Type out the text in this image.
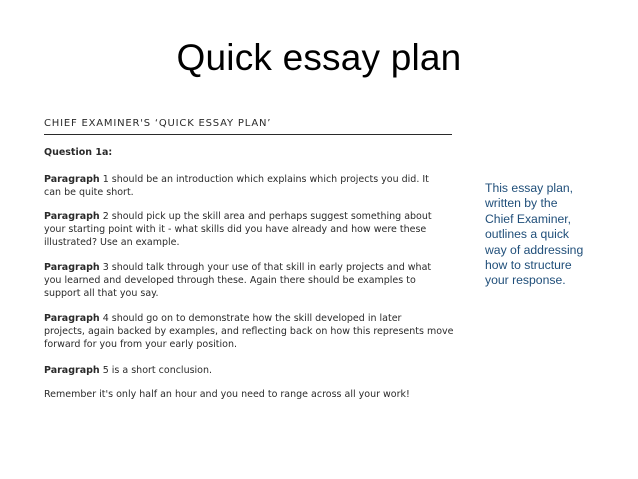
Quick essay plan
CHIEF EXAMINER'S ‘QUICK ESSAY PLAN’
Question 1a:
Paragraph 1 should be an introduction which explains which projects you did. It
can be quite short.
Paragraph 2 should pick up the skill area and perhaps suggest something about
your starting point with it - what skills did you have already and how were these
illustrated? Use an example.
Paragraph 3 should talk through your use of that skill in early projects and what
you learned and developed through these. Again there should be examples to
support all that you say.
Paragraph 4 should go on to demonstrate how the skill developed in later
projects, again backed by examples, and reflecting back on how this represents move
forward for you from your early position.
Paragraph 5 is a short conclusion.
Remember it's only half an hour and you need to range across all your work!
This essay plan,
written by the
Chief Examiner,
outlines a quick
way of addressing
how to structure
your response.
